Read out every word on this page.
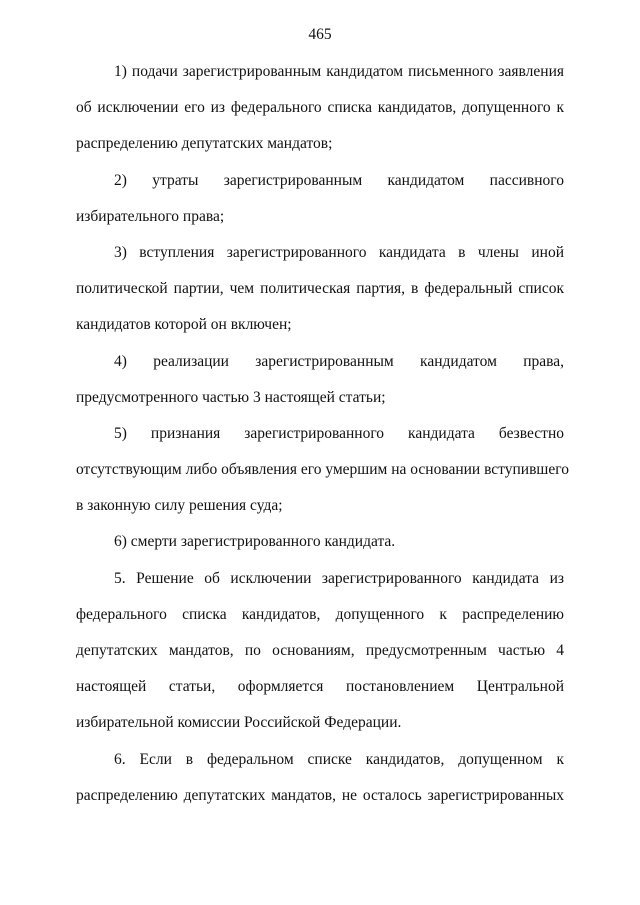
465
1) подачи зарегистрированным кандидатом письменного заявления
об исключении его из федерального списка кандидатов, допущенного к
распределению депутатских мандатов;
2) утраты зарегистрированным кандидатом пассивного
избирательного права;
3) вступления зарегистрированного кандидата в члены иной
политической партии, чем политическая партия, в федеральный список
кандидатов которой он включен;
4) реализации зарегистрированным кандидатом права,
предусмотренного частью 3 настоящей статьи;
5) признания зарегистрированного кандидата безвестно
отсутствующим либо объявления его умершим на основании вступившего
в законную силу решения суда;
6) смерти зарегистрированного кандидата.
5. Решение об исключении зарегистрированного кандидата из
федерального списка кандидатов, допущенного к распределению
депутатских мандатов, по основаниям, предусмотренным частью 4
настоящей статьи, оформляется постановлением Центральной
избирательной комиссии Российской Федерации.
6. Если в федеральном списке кандидатов, допущенном к
распределению депутатских мандатов, не осталось зарегистрированных
